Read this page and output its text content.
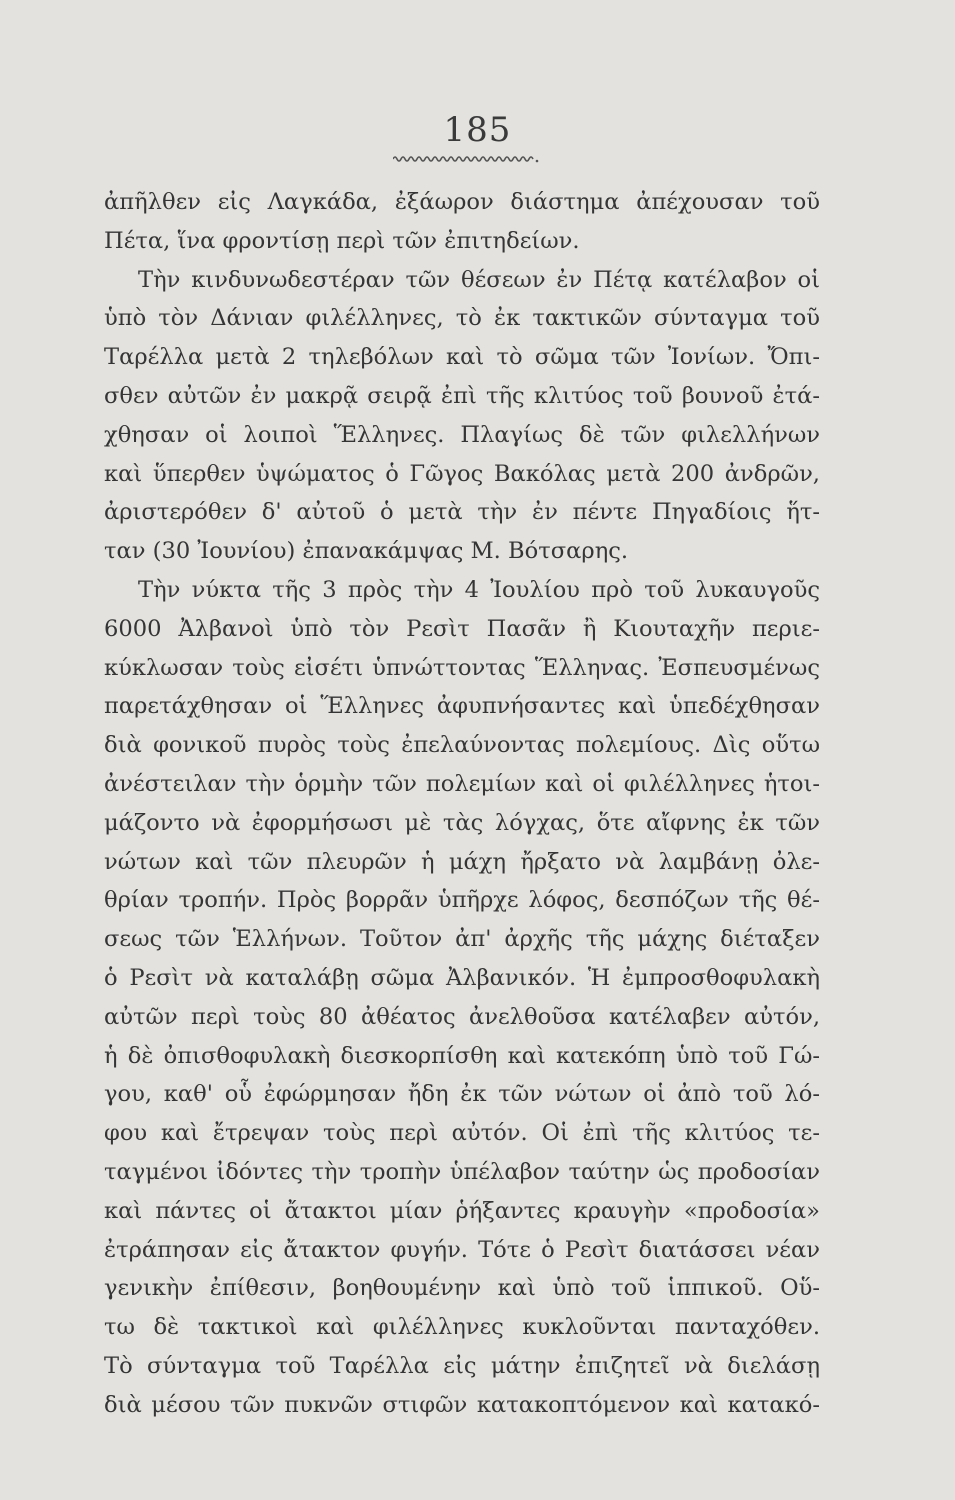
185
ἀπῆλθεν εἰς Λαγκάδα, ἐξάωρον διάστημα ἀπέχουσαν τοῦ
Πέτα, ἵνα φροντίσῃ περὶ τῶν ἐπιτηδείων.
Τὴν κινδυνωδεστέραν τῶν θέσεων ἐν Πέτᾳ κατέλαβον οἱ
ὑπὸ τὸν Δάνιαν φιλέλληνες, τὸ ἐκ τακτικῶν σύνταγμα τοῦ
Ταρέλλα μετὰ 2 τηλεβόλων καὶ τὸ σῶμα τῶν Ἰονίων. Ὄπι-
σθεν αὐτῶν ἐν μακρᾷ σειρᾷ ἐπὶ τῆς κλιτύος τοῦ βουνοῦ ἐτά-
χθησαν οἱ λοιποὶ Ἕλληνες. Πλαγίως δὲ τῶν φιλελλήνων
καὶ ὕπερθεν ὑψώματος ὁ Γῶγος Βακόλας μετὰ 200 ἀνδρῶν,
ἀριστερόθεν δ' αὐτοῦ ὁ μετὰ τὴν ἐν πέντε Πηγαδίοις ἥτ-
ταν (30 Ἰουνίου) ἐπανακάμψας Μ. Βότσαρης.
Τὴν νύκτα τῆς 3 πρὸς τὴν 4 Ἰουλίου πρὸ τοῦ λυκαυγοῦς
6000 Ἀλβανοὶ ὑπὸ τὸν Ρεσὶτ Πασᾶν ἢ Κιουταχῆν περιε-
κύκλωσαν τοὺς εἰσέτι ὑπνώττοντας Ἕλληνας. Ἐσπευσμένως
παρετάχθησαν οἱ Ἕλληνες ἀφυπνήσαντες καὶ ὑπεδέχθησαν
διὰ φονικοῦ πυρὸς τοὺς ἐπελαύνοντας πολεμίους. Δὶς οὕτω
ἀνέστειλαν τὴν ὁρμὴν τῶν πολεμίων καὶ οἱ φιλέλληνες ἡτοι-
μάζοντο νὰ ἐφορμήσωσι μὲ τὰς λόγχας, ὅτε αἴφνης ἐκ τῶν
νώτων καὶ τῶν πλευρῶν ἡ μάχη ἤρξατο νὰ λαμβάνῃ ὀλε-
θρίαν τροπήν. Πρὸς βορρᾶν ὑπῆρχε λόφος, δεσπόζων τῆς θέ-
σεως τῶν Ἑλλήνων. Τοῦτον ἀπ' ἀρχῆς τῆς μάχης διέταξεν
ὁ Ρεσὶτ νὰ καταλάβῃ σῶμα Ἀλβανικόν. Ἡ ἐμπροσθοφυλακὴ
αὐτῶν περὶ τοὺς 80 ἀθέατος ἀνελθοῦσα κατέλαβεν αὐτόν,
ἡ δὲ ὀπισθοφυλακὴ διεσκορπίσθη καὶ κατεκόπη ὑπὸ τοῦ Γώ-
γου, καθ' οὗ ἐφώρμησαν ἤδη ἐκ τῶν νώτων οἱ ἀπὸ τοῦ λό-
φου καὶ ἔτρεψαν τοὺς περὶ αὐτόν. Οἱ ἐπὶ τῆς κλιτύος τε-
ταγμένοι ἰδόντες τὴν τροπὴν ὑπέλαβον ταύτην ὡς προδοσίαν
καὶ πάντες οἱ ἄτακτοι μίαν ῥήξαντες κραυγὴν «προδοσία»
ἐτράπησαν εἰς ἄτακτον φυγήν. Τότε ὁ Ρεσὶτ διατάσσει νέαν
γενικὴν ἐπίθεσιν, βοηθουμένην καὶ ὑπὸ τοῦ ἱππικοῦ. Οὕ-
τω δὲ τακτικοὶ καὶ φιλέλληνες κυκλοῦνται πανταχόθεν.
Τὸ σύνταγμα τοῦ Ταρέλλα εἰς μάτην ἐπιζητεῖ νὰ διελάσῃ
διὰ μέσου τῶν πυκνῶν στιφῶν κατακοπτόμενον καὶ κατακό-
